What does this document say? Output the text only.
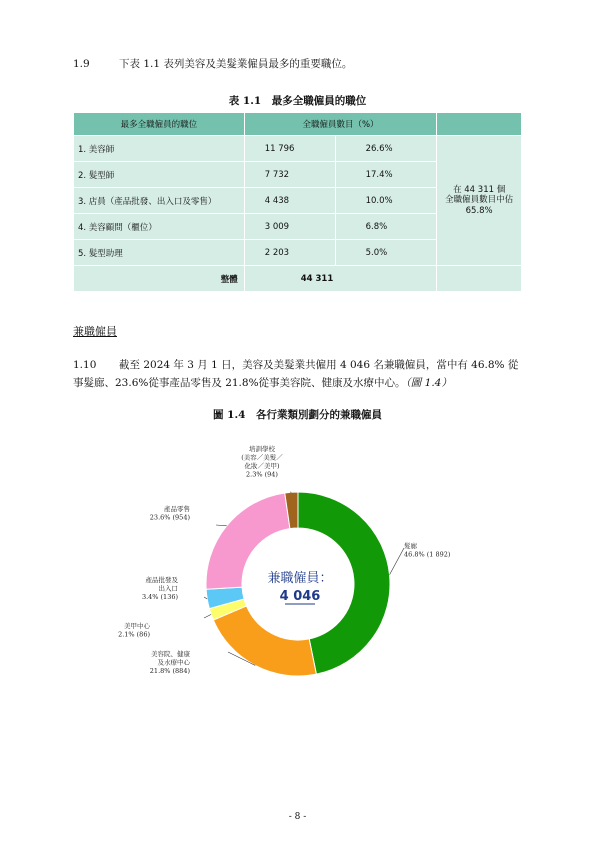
1.9	下表 1.1 表列美容及美髮業僱員最多的重要職位。
表 1.1　最多全職僱員的職位
最多全職僱員的職位	全職僱員數目（%）		
1. 美容師	11 796	26.6%	在 44 311 個
全職僱員數目中佔
65.8%

2. 髮型師	7 732	17.4%	
3. 店員（產品批發、出入口及零售）	4 438	10.0%	
4. 美容顧問（櫃位）	3 009	6.8%	
5. 髮型助理	2 203	5.0%	
整體	44 311		
兼職僱員
1.10 截至 2024 年 3 月 1 日，美容及美髮業共僱用 4 046 名兼職僱員，當中有 46.8% 從事髮廊、23.6%從事產品零售及 21.8%從事美容院、健康及水療中心。（圖 1.4）
圖 1.4　各行業類別劃分的兼職僱員
髮廊 46.8% (1 892)
美容院、健康及水療中心 21.8% (884)
美甲中心 2.1% (86)
產品批發及出入口 3.4% (136)
產品零售 23.6% (954)
培訓學校(美容／美髮／化妝／美甲) 2.3% (94)
兼職僱員：
4 046
- 8 -
